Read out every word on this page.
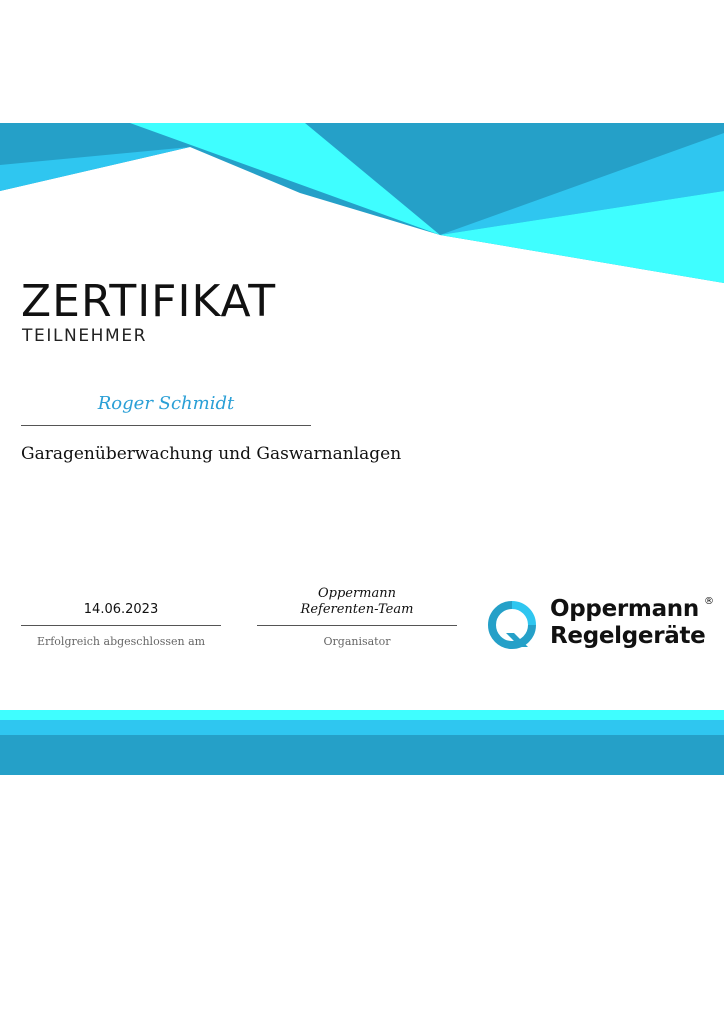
ZERTIFIKAT
TEILNEHMER
Roger Schmidt
Garagenüberwachung und Gaswarnanlagen
14.06.2023
Erfolgreich abgeschlossen am
Oppermann
Referenten-Team
Organisator
Oppermann
Regelgeräte
®
